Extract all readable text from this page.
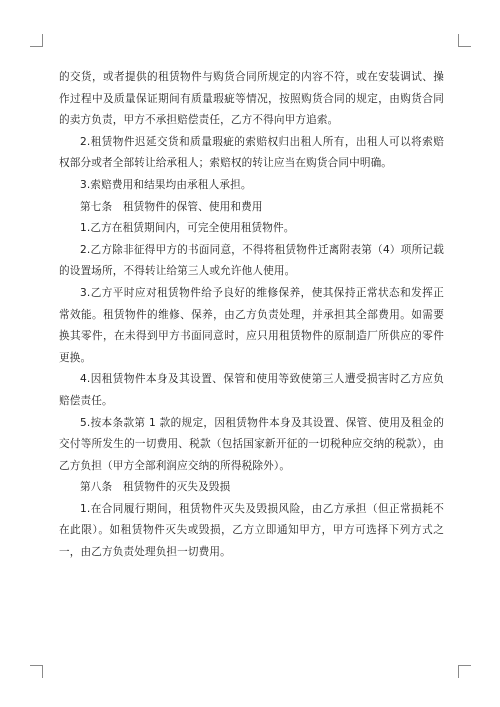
的交货，或者提供的租赁物件与购货合同所规定的内容不符，或在安装调试、操作过程中及质量保证期间有质量瑕疵等情况，按照购货合同的规定，由购货合同的卖方负责，甲方不承担赔偿责任，乙方不得向甲方追索。

2.租赁物件迟延交货和质量瑕疵的索赔权归出租人所有，出租人可以将索赔权部分或者全部转让给承租人；索赔权的转让应当在购货合同中明确。

3.索赔费用和结果均由承租人承担。

第七条　租赁物件的保管、使用和费用

1.乙方在租赁期间内，可完全使用租赁物件。

2.乙方除非征得甲方的书面同意，不得将租赁物件迁离附表第（4）项所记载的设置场所，不得转让给第三人或允许他人使用。

3.乙方平时应对租赁物件给予良好的维修保养，使其保持正常状态和发挥正常效能。租赁物件的维修、保养，由乙方负责处理，并承担其全部费用。如需要换其零件，在未得到甲方书面同意时，应只用租赁物件的原制造厂所供应的零件更换。

4.因租赁物件本身及其设置、保管和使用等致使第三人遭受损害时乙方应负赔偿责任。

5.按本条款第 1 款的规定，因租赁物件本身及其设置、保管、使用及租金的交付等所发生的一切费用、税款（包括国家新开征的一切税种应交纳的税款），由乙方负担（甲方全部利润应交纳的所得税除外）。

第八条　租赁物件的灭失及毁损

1.在合同履行期间，租赁物件灭失及毁损风险，由乙方承担（但正常损耗不在此限）。如租赁物件灭失或毁损，乙方立即通知甲方，甲方可选择下列方式之一，由乙方负责处理负担一切费用。
